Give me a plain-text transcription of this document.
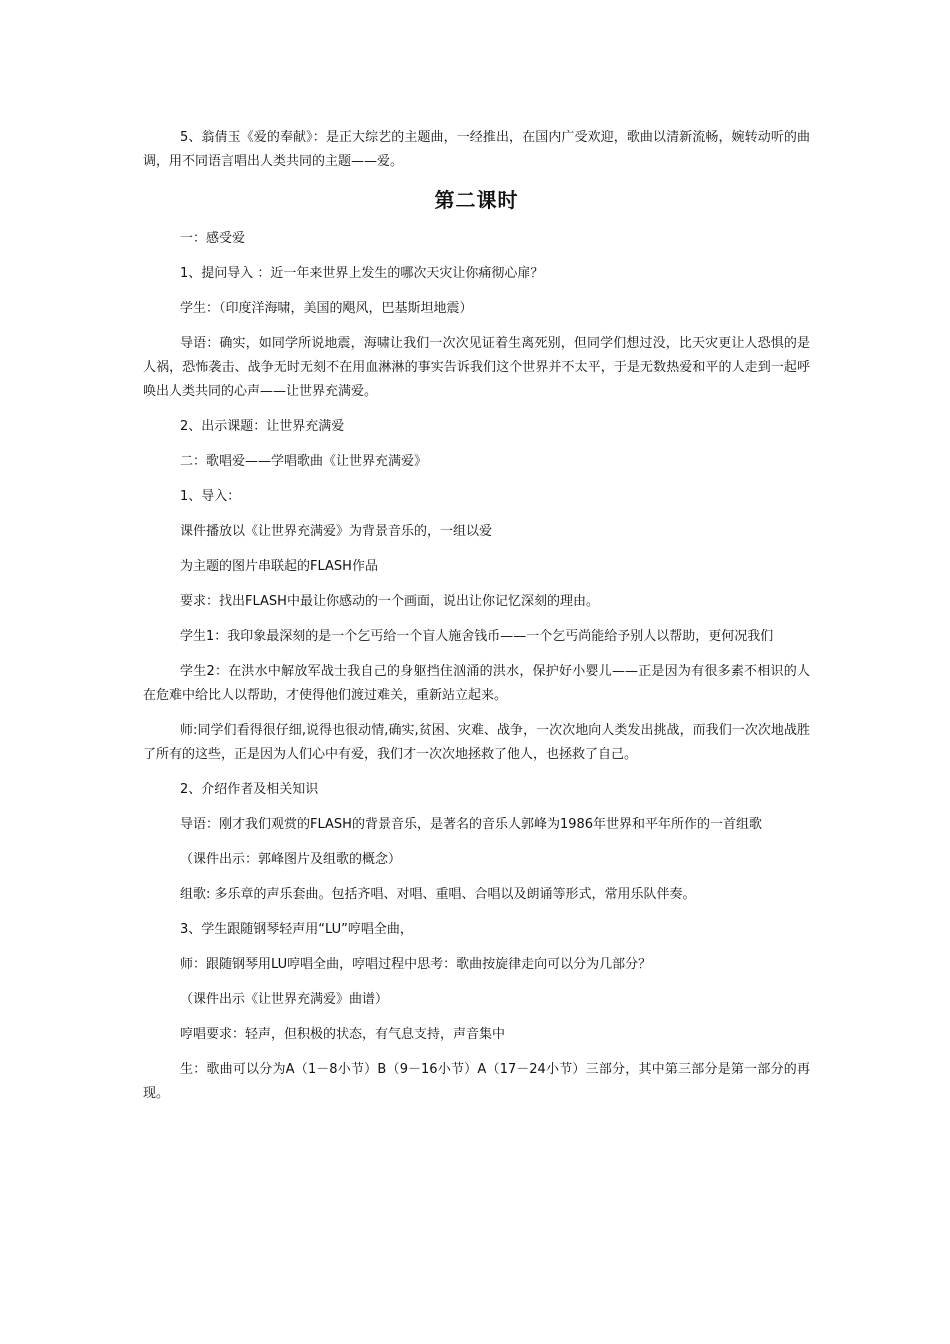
5、翁倩玉《爱的奉献》：是正大综艺的主题曲，一经推出，在国内广受欢迎，歌曲以清新流畅，婉转动听的曲调，用不同语言唱出人类共同的主题——爱。

第二课时

一：感受爱

1、提问导入 ：近一年来世界上发生的哪次天灾让你痛彻心扉？

学生：（印度洋海啸，美国的飓风，巴基斯坦地震）

导语：确实，如同学所说地震，海啸让我们一次次见证着生离死别，但同学们想过没，比天灾更让人恐惧的是人祸，恐怖袭击、战争无时无刻不在用血淋淋的事实告诉我们这个世界并不太平，于是无数热爱和平的人走到一起呼唤出人类共同的心声——让世界充满爱。

2、出示课题：让世界充满爱

二：歌唱爱——学唱歌曲《让世界充满爱》

1、导入：

课件播放以《让世界充满爱》为背景音乐的，一组以爱

为主题的图片串联起的FLASH作品

要求：找出FLASH中最让你感动的一个画面，说出让你记忆深刻的理由。

学生1：我印象最深刻的是一个乞丐给一个盲人施舍钱币——一个乞丐尚能给予别人以帮助，更何况我们

学生2：在洪水中解放军战士我自己的身躯挡住汹涌的洪水，保护好小婴儿——正是因为有很多素不相识的人在危难中给比人以帮助，才使得他们渡过难关，重新站立起来。

师:同学们看得很仔细,说得也很动情,确实,贫困、灾难、战争，一次次地向人类发出挑战，而我们一次次地战胜了所有的这些，正是因为人们心中有爱，我们才一次次地拯救了他人，也拯救了自己。

2、介绍作者及相关知识

导语：刚才我们观赏的FLASH的背景音乐，是著名的音乐人郭峰为1986年世界和平年所作的一首组歌

（课件出示：郭峰图片及组歌的概念）

组歌: 多乐章的声乐套曲。包括齐唱、对唱、重唱、合唱以及朗诵等形式，常用乐队伴奏。

3、学生跟随钢琴轻声用“LU”哼唱全曲，

师：跟随钢琴用LU哼唱全曲，哼唱过程中思考：歌曲按旋律走向可以分为几部分？

（课件出示《让世界充满爱》曲谱）

哼唱要求：轻声，但积极的状态，有气息支持，声音集中

生：歌曲可以分为A（1－8小节）B（9－16小节）A（17－24小节）三部分，其中第三部分是第一部分的再现。
